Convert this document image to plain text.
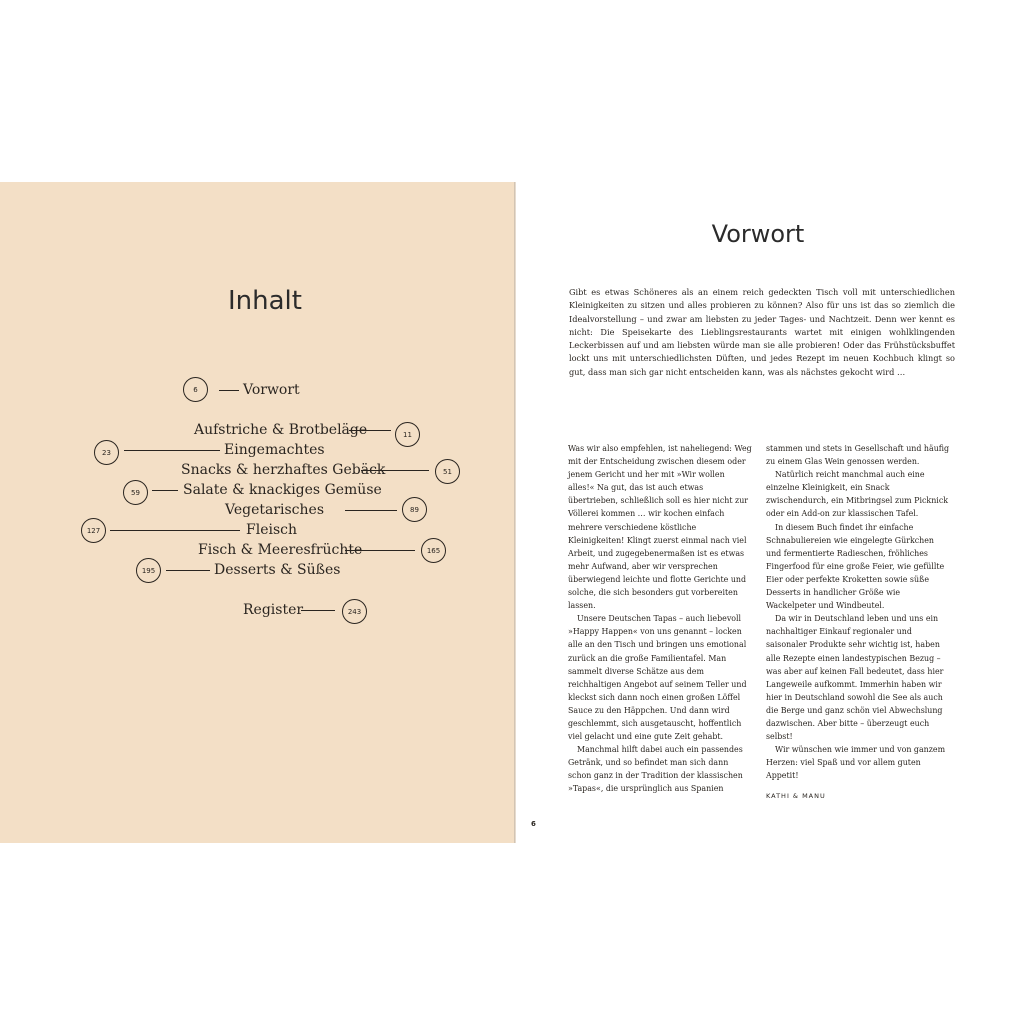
Inhalt
6	Vorwort
Aufstriche & Brotbeläge	11
23	Eingemachtes
Snacks & herzhaftes Gebäck	51
59	Salate & knackiges Gemüse
Vegetarisches	89
127	Fleisch
Fisch & Meeresfrüchte	165
195	Desserts & Süßes
Register	243
Vorwort

Gibt es etwas Schöneres als an einem reich gedeckten Tisch voll mit unterschiedlichen Kleinigkeiten zu sitzen und alles probieren zu können? Also für uns ist das so ziemlich die Idealvorstellung – und zwar am liebsten zu jeder Tages- und Nachtzeit. Denn wer kennt es nicht: Die Speisekarte des Lieblingsrestaurants wartet mit einigen wohlklingenden Leckerbissen auf und am liebsten würde man sie alle probieren! Oder das Frühstücksbuffet lockt uns mit unterschiedlichsten Düften, und jedes Rezept im neuen Kochbuch klingt so gut, dass man sich gar nicht entscheiden kann, was als nächstes gekocht wird …

Was wir also empfehlen, ist naheliegend: Weg mit der Entscheidung zwischen diesem oder jenem Gericht und her mit »Wir wollen alles!« Na gut, das ist auch etwas übertrieben, schließlich soll es hier nicht zur Völlerei kommen … wir kochen einfach mehrere verschiedene köstliche Kleinigkeiten! Klingt zuerst einmal nach viel Arbeit, und zugegebenermaßen ist es etwas mehr Aufwand, aber wir versprechen überwiegend leichte und flotte Gerichte und solche, die sich besonders gut vorbereiten lassen.

Unsere Deutschen Tapas – auch liebevoll »Happy Happen« von uns genannt – locken alle an den Tisch und bringen uns emotional zurück an die große Familientafel. Man sammelt diverse Schätze aus dem reichhaltigen Angebot auf seinem Teller und kleckst sich dann noch einen großen Löffel Sauce zu den Häppchen. Und dann wird geschlemmt, sich ausgetauscht, hoffentlich viel gelacht und eine gute Zeit gehabt.

Manchmal hilft dabei auch ein passendes Getränk, und so befindet man sich dann schon ganz in der Tradition der klassischen »Tapas«, die ursprünglich aus Spanien

stammen und stets in Gesellschaft und häufig zu einem Glas Wein genossen werden.

Natürlich reicht manchmal auch eine einzelne Kleinigkeit, ein Snack zwischendurch, ein Mitbringsel zum Picknick oder ein Add-on zur klassischen Tafel.

In diesem Buch findet ihr einfache Schnabuliereien wie eingelegte Gürkchen und fermentierte Radieschen, fröhliches Fingerfood für eine große Feier, wie gefüllte Eier oder perfekte Kroketten sowie süße Desserts in handlicher Größe wie Wackelpeter und Windbeutel.

Da wir in Deutschland leben und uns ein nachhaltiger Einkauf regionaler und saisonaler Produkte sehr wichtig ist, haben alle Rezepte einen landestypischen Bezug – was aber auf keinen Fall bedeutet, dass hier Langeweile aufkommt. Immerhin haben wir hier in Deutschland sowohl die See als auch die Berge und ganz schön viel Abwechslung dazwischen. Aber bitte – überzeugt euch selbst!

Wir wünschen wie immer und von ganzem Herzen: viel Spaß und vor allem guten Appetit!

KATHI & MANU

6
